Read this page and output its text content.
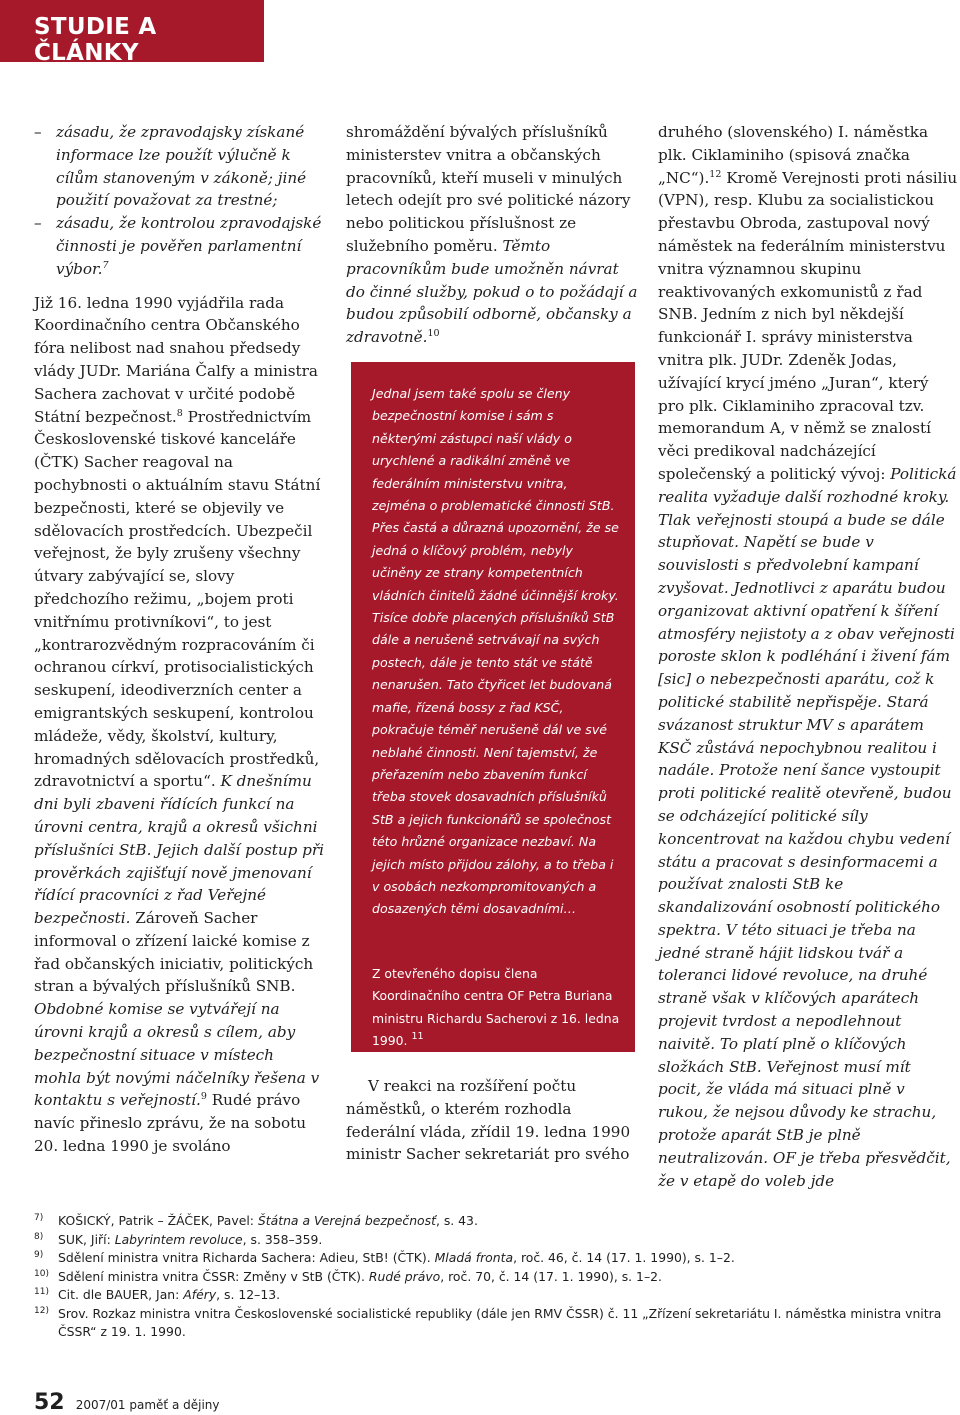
STUDIE A ČLÁNKY
– zásadu, že zpravodajsky získané informace lze použít výlučně k cílům stanoveným v zákoně; jiné použití považovat za trestné;
– zásadu, že kontrolou zpravodajské činnosti je pověřen parlamentní výbor.$^7$

Již 16. ledna 1990 vyjádřila rada Koordinačního centra Občanského fóra nelibost nad snahou předsedy vlády JUDr. Mariána Čalfy a ministra Sachera zachovat v určité podobě Státní bezpečnost.$^8$ Prostřednictvím Československé tiskové kanceláře (ČTK) Sacher reagoval na pochybnosti o aktuálním stavu Státní bezpečnosti, které se objevily ve sdělovacích prostředcích. Ubezpečil veřejnost, že byly zrušeny všechny útvary zabývající se, slovy předchozího režimu, „bojem proti vnitřnímu protivníkovi“, to jest „kontrarozvědným rozpracováním či ochranou církví, protisocialistických seskupení, ideodiverzních center a emigrantských seskupení, kontrolou mládeže, vědy, školství, kultury, hromadných sdělovacích prostředků, zdravotnictví a sportu“. K dnešnímu dni byli zbaveni řídících funkcí na úrovni centra, krajů a okresů všichni příslušníci StB. Jejich další postup při prověrkách zajišťují nově jmenovaní řídící pracovníci z řad Veřejné bezpečnosti. Zároveň Sacher informoval o zřízení laické komise z řad občanských iniciativ, politických stran a bývalých příslušníků SNB. Obdobné komise se vytvářejí na úrovni krajů a okresů s cílem, aby bezpečnostní situace v místech mohla být novými náčelníky řešena v kontaktu s veřejností.$^9$ Rudé právo navíc přineslo zprávu, že na sobotu 20. ledna 1990 je svoláno

shromáždění bývalých příslušníků ministerstev vnitra a občanských pracovníků, kteří museli v minulých letech odejít pro své politické názory nebo politickou příslušnost ze služebního poměru. Těmto pracovníkům bude umožněn návrat do činné služby, pokud o to požádají a budou způsobilí odborně, občansky a zdravotně.$^{10}$

Jednal jsem také spolu se členy bezpečnostní komise i sám s některými zástupci naší vlády o urychlené a radikální změně ve federálním ministerstvu vnitra, zejména o problematické činnosti StB. Přes častá a důrazná upozornění, že se jedná o klíčový problém, nebyly učiněny ze strany kompetentních vládních činitelů žádné účinnější kroky. Tisíce dobře placených příslušníků StB dále a nerušeně setrvávají na svých postech, dále je tento stát ve státě nenarušen. Tato čtyřicet let budovaná mafie, řízená bossy z řad KSČ, pokračuje téměř nerušeně dál ve své neblahé činnosti. Není tajemství, že přeřazením nebo zbavením funkcí třeba stovek dosavadních příslušníků StB a jejich funkcionářů se společnost této hrůzné organizace nezbaví. Na jejich místo přijdou zálohy, a to třeba i v osobách nezkompromitovaných a dosazených těmi dosavadními…
Z otevřeného dopisu člena Koordinačního centra OF Petra Buriana ministru Richardu Sacherovi z 16. ledna 1990. $^{11}$
V reakci na rozšíření počtu náměstků, o kterém rozhodla federální vláda, zřídil 19. ledna 1990 ministr Sacher sekretariát pro svého

druhého (slovenského) I. náměstka plk. Ciklaminiho (spisová značka „NC“).$^{12}$ Kromě Verejnosti proti násiliu (VPN), resp. Klubu za socialistickou přestavbu Obroda, zastupoval nový náměstek na federálním ministerstvu vnitra významnou skupinu reaktivovaných exkomunistů z řad SNB. Jedním z nich byl někdejší funkcionář I. správy ministerstva vnitra plk. JUDr. Zdeněk Jodas, užívající krycí jméno „Juran“, který pro plk. Ciklaminiho zpracoval tzv. memorandum A, v němž se znalostí věci predikoval nadcházející společenský a politický vývoj: Politická realita vyžaduje další rozhodné kroky. Tlak veřejnosti stoupá a bude se dále stupňovat. Napětí se bude v souvislosti s předvolební kampaní zvyšovat. Jednotlivci z aparátu budou organizovat aktivní opatření k šíření atmosféry nejistoty a z obav veřejnosti poroste sklon k podléhání i živení fám [sic] o nebezpečnosti aparátu, což k politické stabilitě nepřispěje. Stará svázanost struktur MV s aparátem KSČ zůstává nepochybnou realitou i nadále. Protože není šance vystoupit proti politické realitě otevřeně, budou se odcházející politické síly koncentrovat na každou chybu vedení státu a pracovat s desinformacemi a používat znalosti StB ke skandalizování osobností politického spektra. V této situaci je třeba na jedné straně hájit lidskou tvář a toleranci lidové revoluce, na druhé straně však v klíčových aparátech projevit tvrdost a nepodlehnout naivitě. To platí plně o klíčových složkách StB. Veřejnost musí mít pocit, že vláda má situaci plně v rukou, že nejsou důvody ke strachu, protože aparát StB je plně neutralizován. OF je třeba přesvědčit, že v etapě do voleb jde

7) KOŠICKÝ, Patrik – ŽÁČEK, Pavel: Štátna a Verejná bezpečnosť, s. 43.
8) SUK, Jiří: Labyrintem revoluce, s. 358–359.
9) Sdělení ministra vnitra Richarda Sachera: Adieu, StB! (ČTK). Mladá fronta, roč. 46, č. 14 (17. 1. 1990), s. 1–2.
10) Sdělení ministra vnitra ČSSR: Změny v StB (ČTK). Rudé právo, roč. 70, č. 14 (17. 1. 1990), s. 1–2.
11) Cit. dle BAUER, Jan: Aféry, s. 12–13.
12) Srov. Rozkaz ministra vnitra Československé socialistické republiky (dále jen RMV ČSSR) č. 11 „Zřízení sekretariátu I. náměstka ministra vnitra ČSSR“ z 19. 1. 1990.
52 2007/01 paměť a dějiny
